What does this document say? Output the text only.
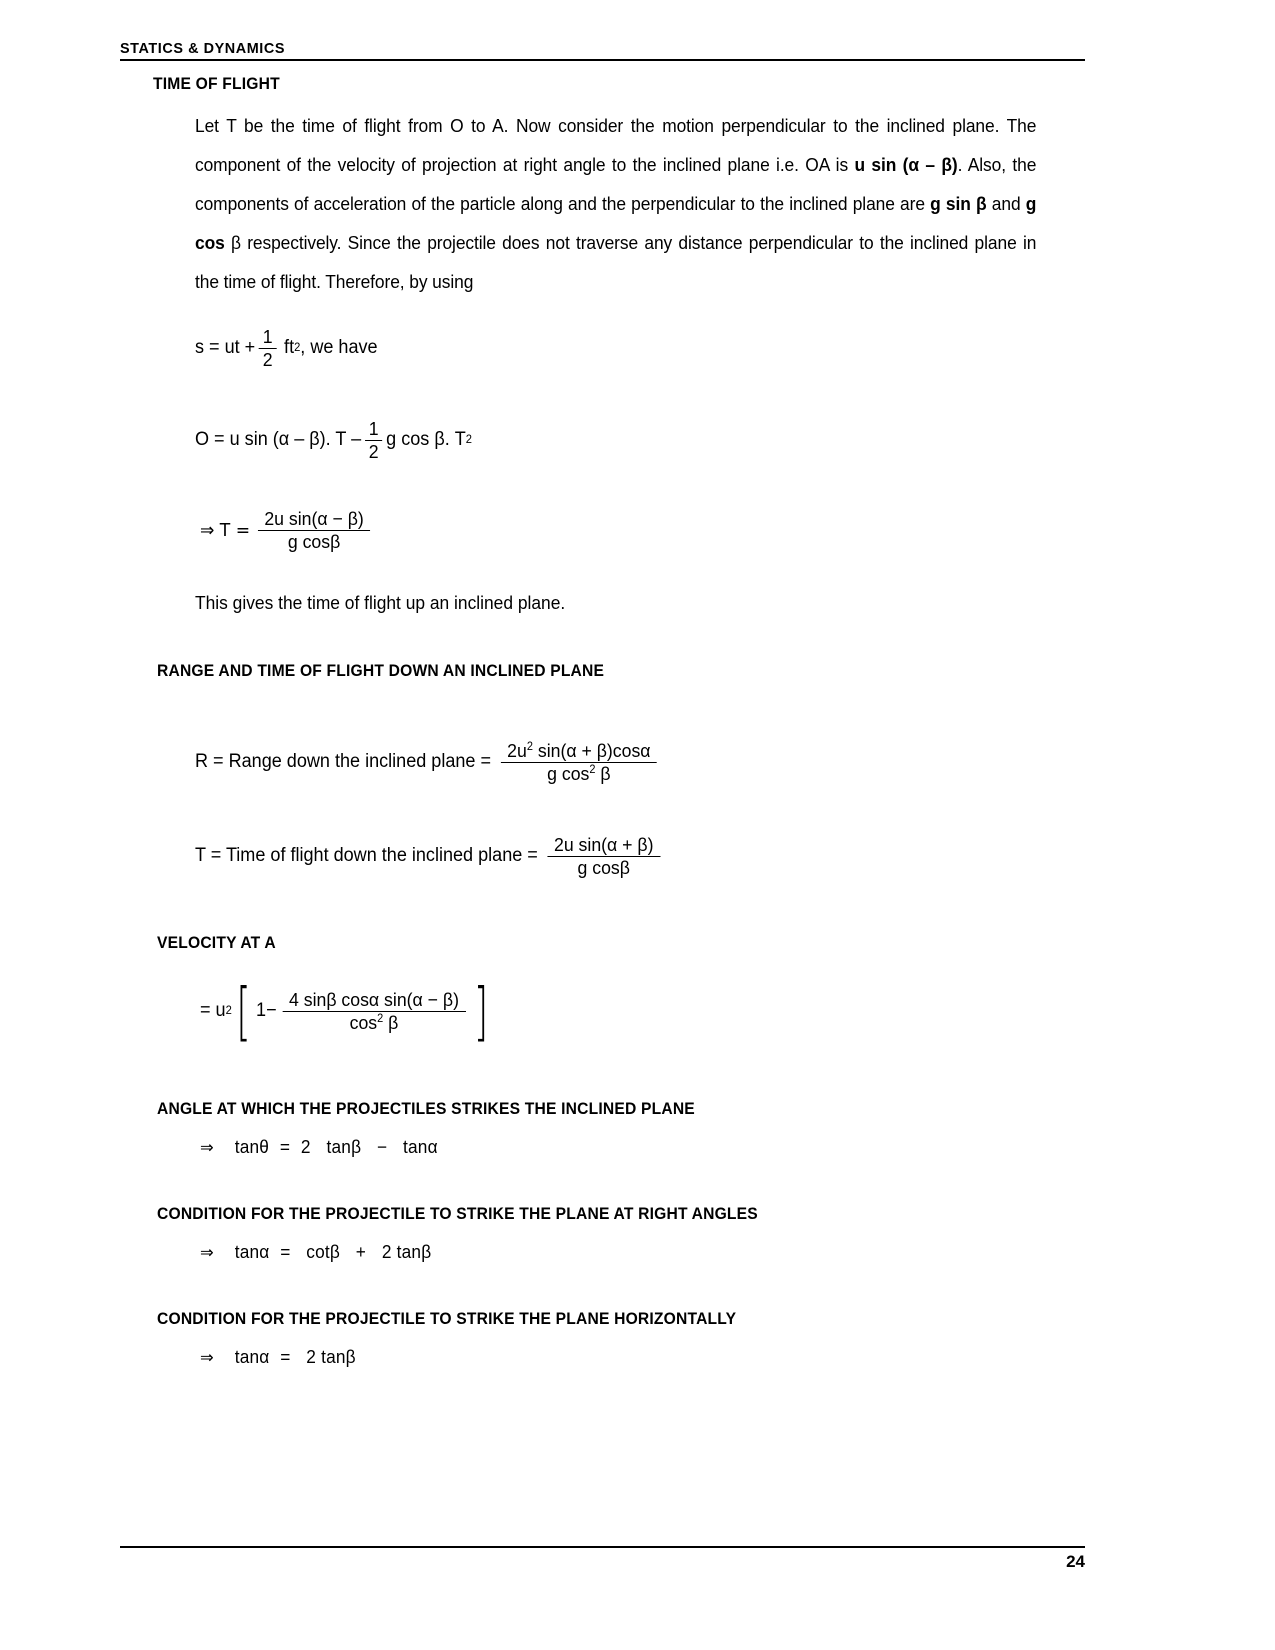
STATICS & DYNAMICS
TIME OF FLIGHT
Let T be the time of flight from O to A. Now consider the motion perpendicular to the inclined plane. The component of the velocity of projection at right angle to the inclined plane i.e. OA is u sin (α – β). Also, the components of acceleration of the particle along and the perpendicular to the inclined plane are g sin β and g cos β respectively. Since the projectile does not traverse any distance perpendicular to the inclined plane in the time of flight. Therefore, by using
s = ut + $\frac{1}{2}$ ft 2 , we have
O = u sin (α – β). T – $\frac{1}{2}$ g cos β. T 2
⇒ $T = \frac{\text{2u sin(α − β)}}{\text{g cosβ}}$
This gives the time of flight up an inclined plane.
RANGE AND TIME OF FLIGHT DOWN AN INCLINED PLANE
R = Range down the inclined plane = $\frac{2u^2 \sin(\alpha + \beta)\cos\alpha}{g \cos^2 \beta}$
T = Time of flight down the inclined plane = $\frac{\text{2u sin(α + β)}}{\text{g cosβ}}$
VELOCITY AT A
= u 2 [ $1- \frac{\text{4 sinβ cosα sin(α − β)}}{\cos^2 \beta}$ ]
ANGLE AT WHICH THE PROJECTILES STRIKES THE INCLINED PLANE
⇒ tanθ = 2 tanβ − tanα
CONDITION FOR THE PROJECTILE TO STRIKE THE PLANE AT RIGHT ANGLES
⇒ tanα = cotβ + 2 tanβ
CONDITION FOR THE PROJECTILE TO STRIKE THE PLANE HORIZONTALLY
⇒ tanα = 2 tanβ
24
